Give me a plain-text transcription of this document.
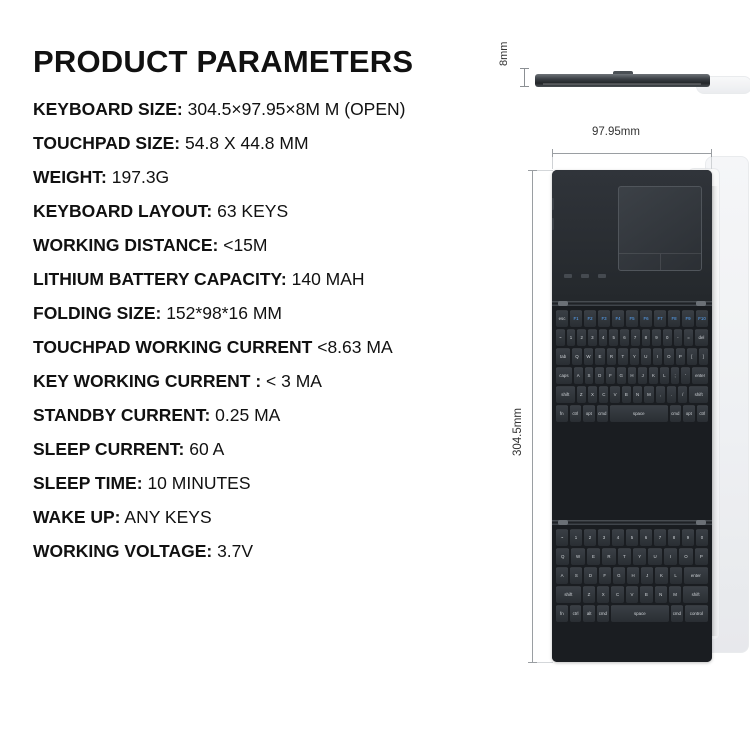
PRODUCT PARAMETERS
KEYBOARD SIZE: 304.5×97.95×8M M (OPEN)
TOUCHPAD SIZE: 54.8 X 44.8 MM
WEIGHT: 197.3G
KEYBOARD LAYOUT: 63 KEYS
WORKING DISTANCE: <15M
LITHIUM BATTERY CAPACITY: 140 MAH
FOLDING SIZE: 152*98*16 MM
TOUCHPAD WORKING CURRENT <8.63 MA
KEY WORKING CURRENT : < 3 MA
STANDBY CURRENT: 0.25 MA
SLEEP CURRENT: 60 A
SLEEP TIME: 10 MINUTES
WAKE UP: ANY KEYS
WORKING VOLTAGE: 3.7V
8mm
97.95mm
304.5mm
esc	F1	F2	F3	F4	F5	F6	F7	F8	F9	F10
~	1	2	3	4	5	6	7	8	9	0	-	=	del
tab	Q	W	E	R	T	Y	U	I	O	P	[	]
caps	A	S	D	F	G	H	J	K	L	;	'	enter
shift	Z	X	C	V	B	N	M	,	.	/	shift
fn	ctrl	opt	cmd	space	cmd	opt	ctrl
~	1	2	3	4	5	6	7	8	9	0
Q	W	E	R	T	Y	U	I	O	P
A	S	D	F	G	H	J	K	L	enter
shift	Z	X	C	V	B	N	M	shift
fn	ctrl	alt	cmd	space	cmd	control
